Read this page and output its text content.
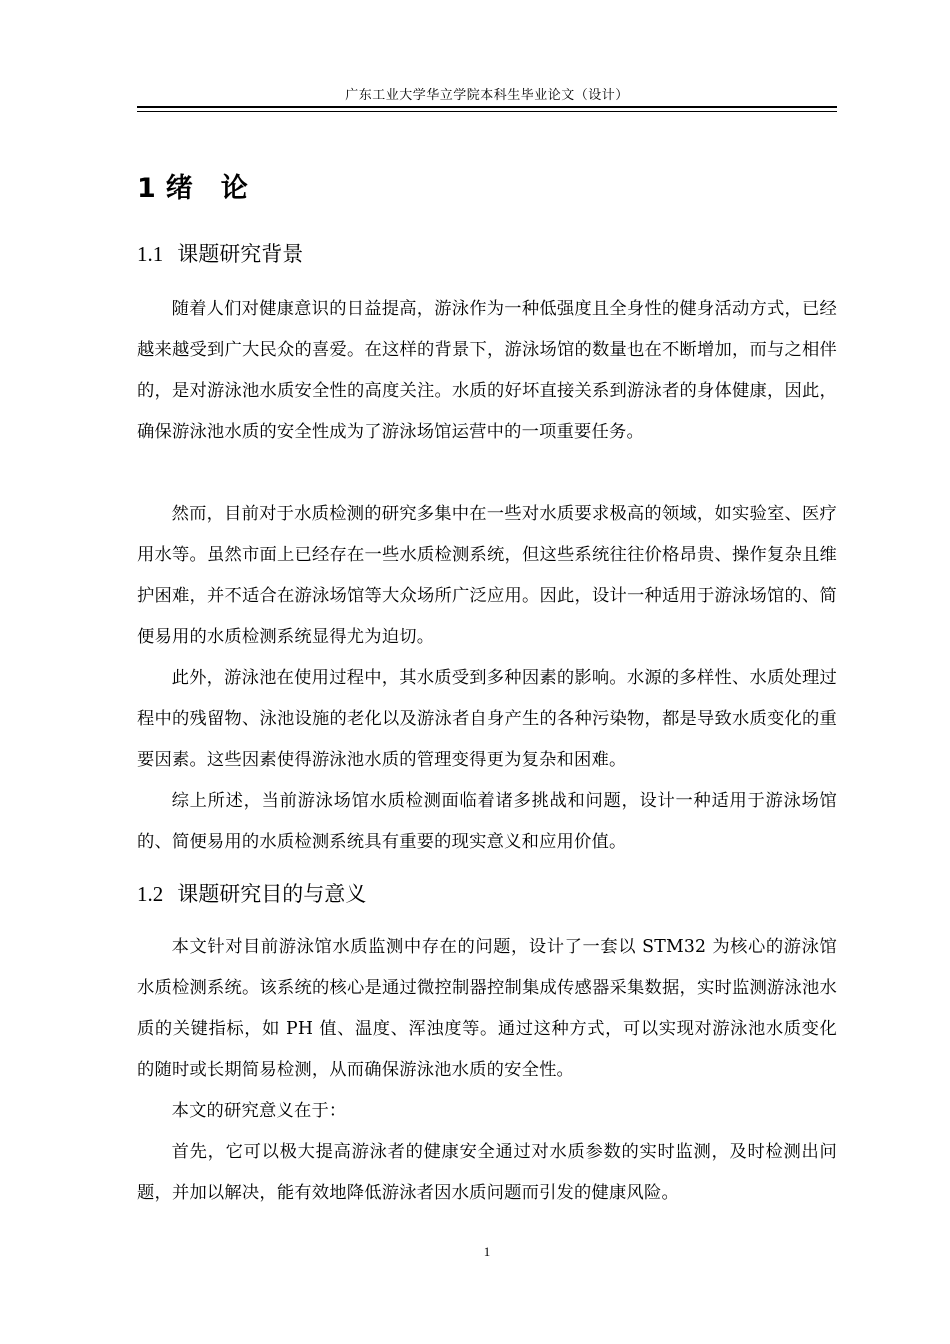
广东工业大学华立学院本科生毕业论文（设计）
1 绪 论
1.1 课题研究背景

随着人们对健康意识的日益提高，游泳作为一种低强度且全身性的健身活动方式，已经越来越受到广大民众的喜爱。在这样的背景下，游泳场馆的数量也在不断增加，而与之相伴的，是对游泳池水质安全性的高度关注。水质的好坏直接关系到游泳者的身体健康，因此，确保游泳池水质的安全性成为了游泳场馆运营中的一项重要任务。

然而，目前对于水质检测的研究多集中在一些对水质要求极高的领域，如实验室、医疗用水等。虽然市面上已经存在一些水质检测系统，但这些系统往往价格昂贵、操作复杂且维护困难，并不适合在游泳场馆等大众场所广泛应用。因此，设计一种适用于游泳场馆的、简便易用的水质检测系统显得尤为迫切。

此外，游泳池在使用过程中，其水质受到多种因素的影响。水源的多样性、水质处理过程中的残留物、泳池设施的老化以及游泳者自身产生的各种污染物，都是导致水质变化的重要因素。这些因素使得游泳池水质的管理变得更为复杂和困难。

综上所述，当前游泳场馆水质检测面临着诸多挑战和问题，设计一种适用于游泳场馆的、简便易用的水质检测系统具有重要的现实意义和应用价值。

1.2 课题研究目的与意义

本文针对目前游泳馆水质监测中存在的问题，设计了一套以 STM32 为核心的游泳馆水质检测系统。该系统的核心是通过微控制器控制集成传感器采集数据，实时监测游泳池水质的关键指标，如 PH 值、温度、浑浊度等。通过这种方式，可以实现对游泳池水质变化的随时或长期简易检测，从而确保游泳池水质的安全性。

本文的研究意义在于：

首先，它可以极大提高游泳者的健康安全通过对水质参数的实时监测，及时检测出问题，并加以解决，能有效地降低游泳者因水质问题而引发的健康风险。

1
